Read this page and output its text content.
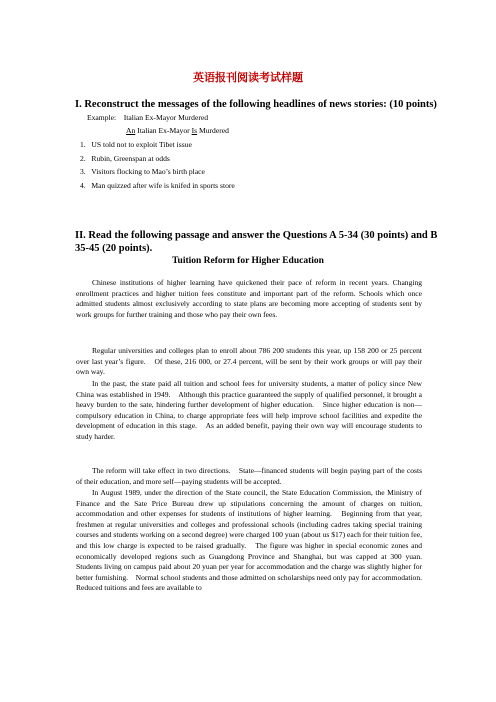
英语报刊阅读考试样题
I. Reconstruct the messages of the following headlines of news stories: (10 points)
Example: Italian Ex-Mayor Murdered
An Italian Ex-Mayor Is Murdered
1. US told not to exploit Tibet issue
2. Rubin, Greenspan at odds
3. Visitors flocking to Mao’s birth place
4. Man quizzed after wife is knifed in sports store
II. Read the following passage and answer the Questions A 5-34 (30 points) and B
35-45 (20 points).
Tuition Reform for Higher Education
Chinese institutions of higher learning have quickened their pace of reform in recent years. Changing enrollment practices and higher tuition fees constitute and important part of the reform. Schools which once admitted students almost exclusively according to state plans are becoming more accepting of students sent by work groups for further training and those who pay their own fees.
Regular universities and colleges plan to enroll about 786 200 students this year, up 158 200 or 25 percent over last year’s figure.　Of these, 216 000, or 27.4 percent, will be sent by their work groups or will pay their own way.
In the past, the state paid all tuition and school fees for university students, a matter of policy since New China was established in 1949.　Although this practice guaranteed the supply of qualified personnel, it brought a heavy burden to the sate, hindering further development of higher education.　Since higher education is non—compulsory education in China, to charge appropriate fees will help improve school facilities and expedite the development of education in this stage.　As an added benefit, paying their own way will encourage students to study harder.
The reform will take effect in two directions.　State—financed students will begin paying part of the costs of their education, and more self—paying students will be accepted.
In August 1989, under the direction of the State council, the State Education Commission, the Ministry of Finance and the Sate Price Bureau drew up stipulations concerning the amount of charges on tuition, accommodation and other expenses for students of institutions of higher learning.　Beginning from that year, freshmen at regular universities and colleges and professional schools (including cadres taking special training courses and students working on a second degree) were charged 100 yuan (about us $17) each for their tuition fee, and this low charge is expected to be raised gradually.　The figure was higher in special economic zones and economically developed regions such as Guangdong Province and Shanghai, but was capped at 300 yuan.　Students living on campus paid about 20 yuan per year for accommodation and the charge was slightly higher for better furnishing.　Normal school students and those admitted on scholarships need only pay for accommodation.　Reduced tuitions and fees are available to
